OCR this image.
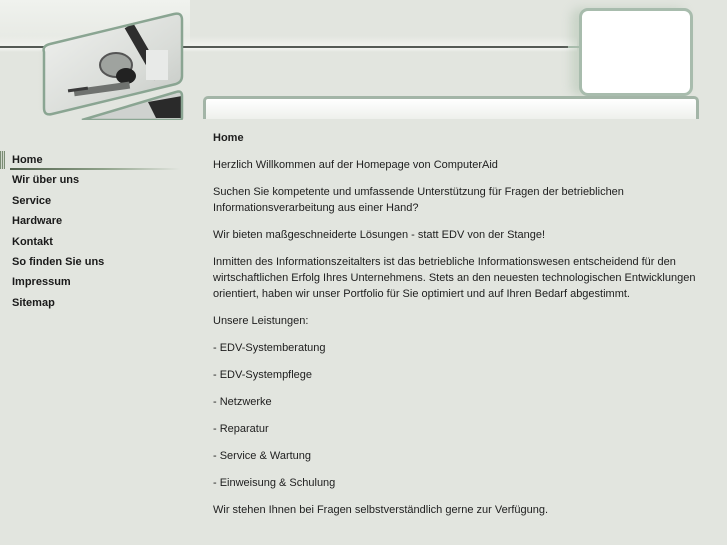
Home
Wir über uns
Service
Hardware
Kontakt
So finden Sie uns
Impressum
Sitemap
Home

Herzlich Willkommen auf der Homepage von ComputerAid

Suchen Sie kompetente und umfassende Unterstützung für Fragen der betrieblichen Informationsverarbeitung aus einer Hand?

Wir bieten maßgeschneiderte Lösungen - statt EDV von der Stange!

Inmitten des Informationszeitalters ist das betriebliche Informationswesen entscheidend für den wirtschaftlichen Erfolg Ihres Unternehmens. Stets an den neuesten technologischen Entwicklungen orientiert, haben wir unser Portfolio für Sie optimiert und auf Ihren Bedarf abgestimmt.

Unsere Leistungen:

- EDV-Systemberatung

- EDV-Systempflege

- Netzwerke

- Reparatur

- Service & Wartung

- Einweisung & Schulung

Wir stehen Ihnen bei Fragen selbstverständlich gerne zur Verfügung.
